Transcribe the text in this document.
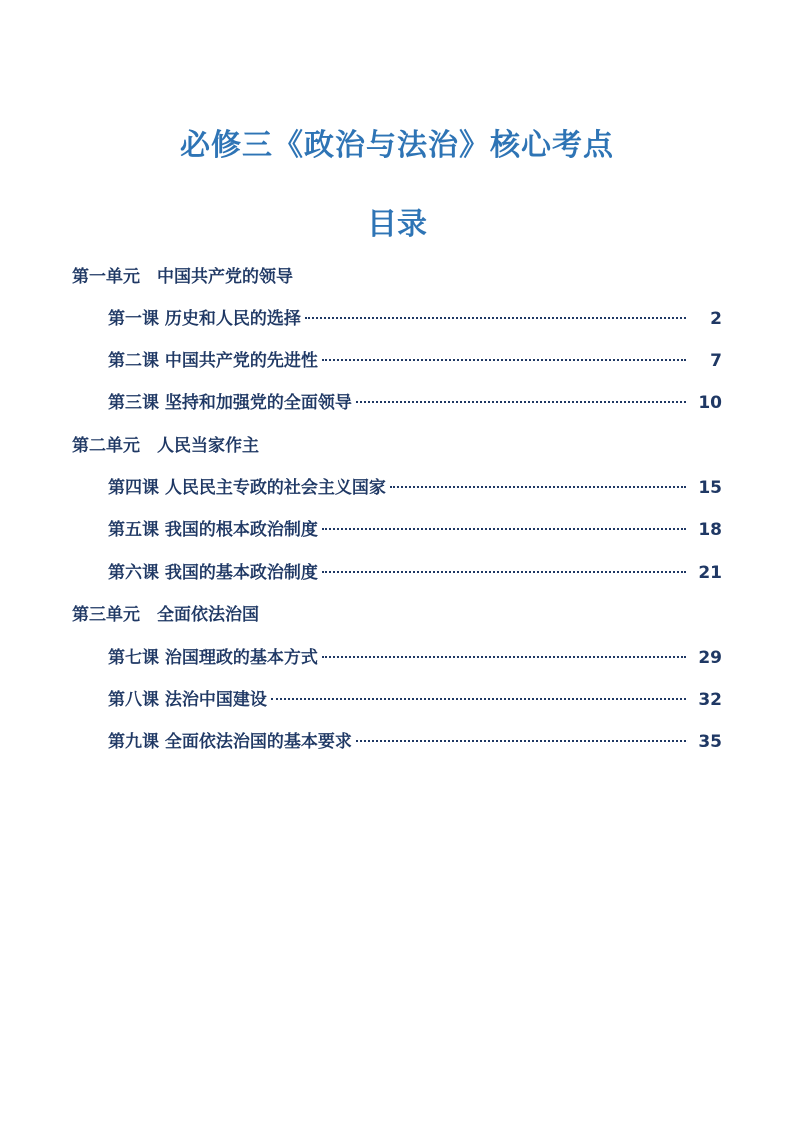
必修三《政治与法治》核心考点
目录
第一单元　中国共产党的领导
第一课 历史和人民的选择	2
第二课 中国共产党的先进性	7
第三课 坚持和加强党的全面领导	10
第二单元　人民当家作主
第四课 人民民主专政的社会主义国家	15
第五课 我国的根本政治制度	18
第六课 我国的基本政治制度	21
第三单元　全面依法治国
第七课 治国理政的基本方式	29
第八课 法治中国建设	32
第九课 全面依法治国的基本要求	35
